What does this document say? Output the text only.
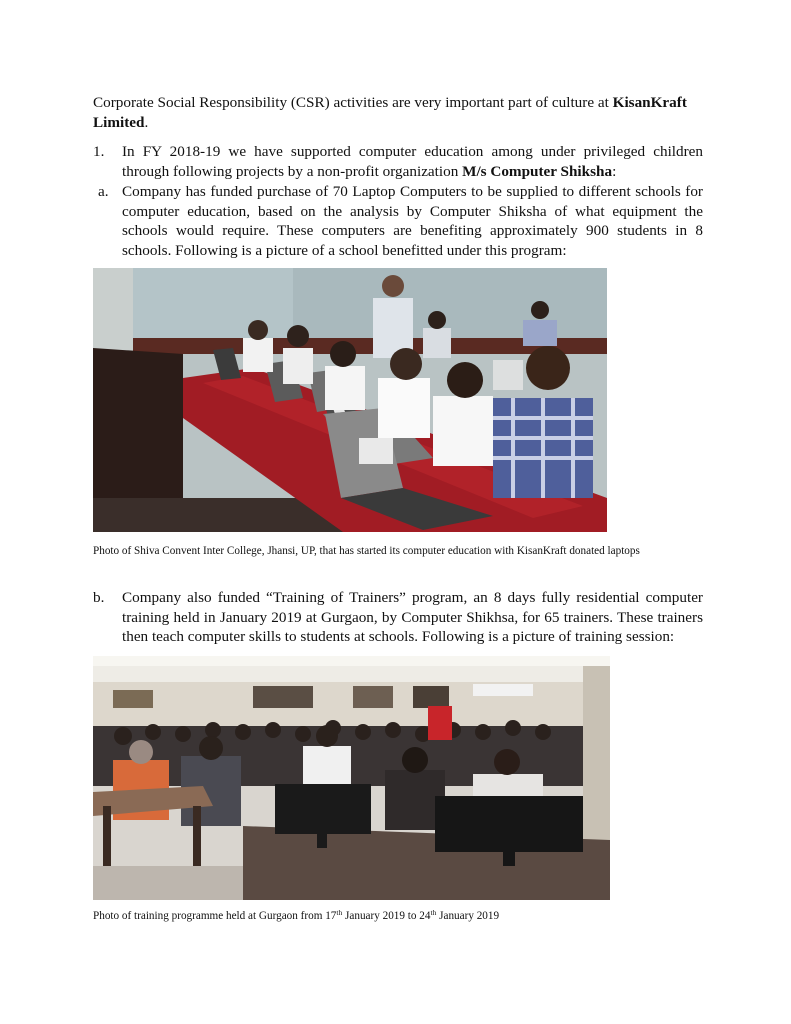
Corporate Social Responsibility (CSR) activities are very important part of culture at KisanKraft Limited.
1. In FY 2018-19 we have supported computer education among under privileged children through following projects by a non-profit organization M/s Computer Shiksha:
a. Company has funded purchase of 70 Laptop Computers to be supplied to different schools for computer education, based on the analysis by Computer Shiksha of what equipment the schools would require. These computers are benefiting approximately 900 students in 8 schools. Following is a picture of a school benefitted under this program:
Photo of Shiva Convent Inter College, Jhansi, UP, that has started its computer education with KisanKraft donated laptops
b. Company also funded “Training of Trainers” program, an 8 days fully residential computer training held in January 2019 at Gurgaon, by Computer Shikhsa, for 65 trainers. These trainers then teach computer skills to students at schools. Following is a picture of training session:
Photo of training programme held at Gurgaon from 17th January 2019 to 24th January 2019
